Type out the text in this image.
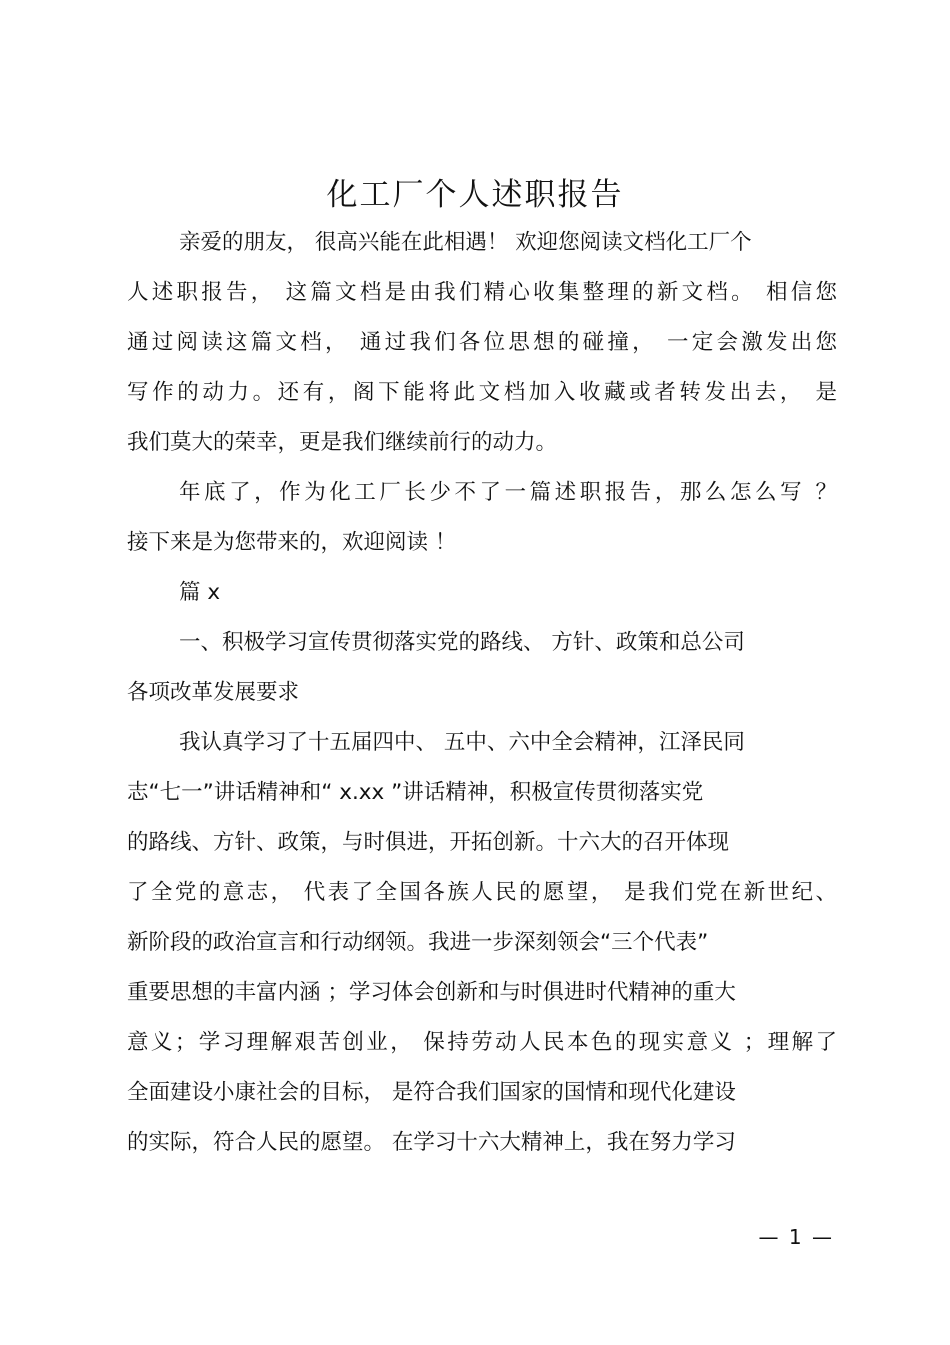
化工厂个人述职报告
亲爱的朋友， 很高兴能在此相遇！ 欢迎您阅读文档化工厂个
人述职报告， 这篇文档是由我们精心收集整理的新文档。 相信您
通过阅读这篇文档， 通过我们各位思想的碰撞， 一定会激发出您
写作的动力。还有，阁下能将此文档加入收藏或者转发出去， 是
我们莫大的荣幸，更是我们继续前行的动力。
年底了，作为化工厂长少不了一篇述职报告，那么怎么写 ？
接下来是为您带来的，欢迎阅读 ！
篇 x
一、积极学习宣传贯彻落实党的路线、 方针、政策和总公司
各项改革发展要求
我认真学习了十五届四中、 五中、六中全会精神，江泽民同
志“七一”讲话精神和“ x.xx ”讲话精神，积极宣传贯彻落实党
的路线、方针、政策，与时俱进，开拓创新。十六大的召开体现
了全党的意志， 代表了全国各族人民的愿望， 是我们党在新世纪、
新阶段的政治宣言和行动纲领。我进一步深刻领会“三个代表”
重要思想的丰富内涵 ；学习体会创新和与时俱进时代精神的重大
意义；学习理解艰苦创业， 保持劳动人民本色的现实意义 ；理解了
全面建设小康社会的目标， 是符合我们国家的国情和现代化建设
的实际，符合人民的愿望。 在学习十六大精神上，我在努力学习
— 1 —
